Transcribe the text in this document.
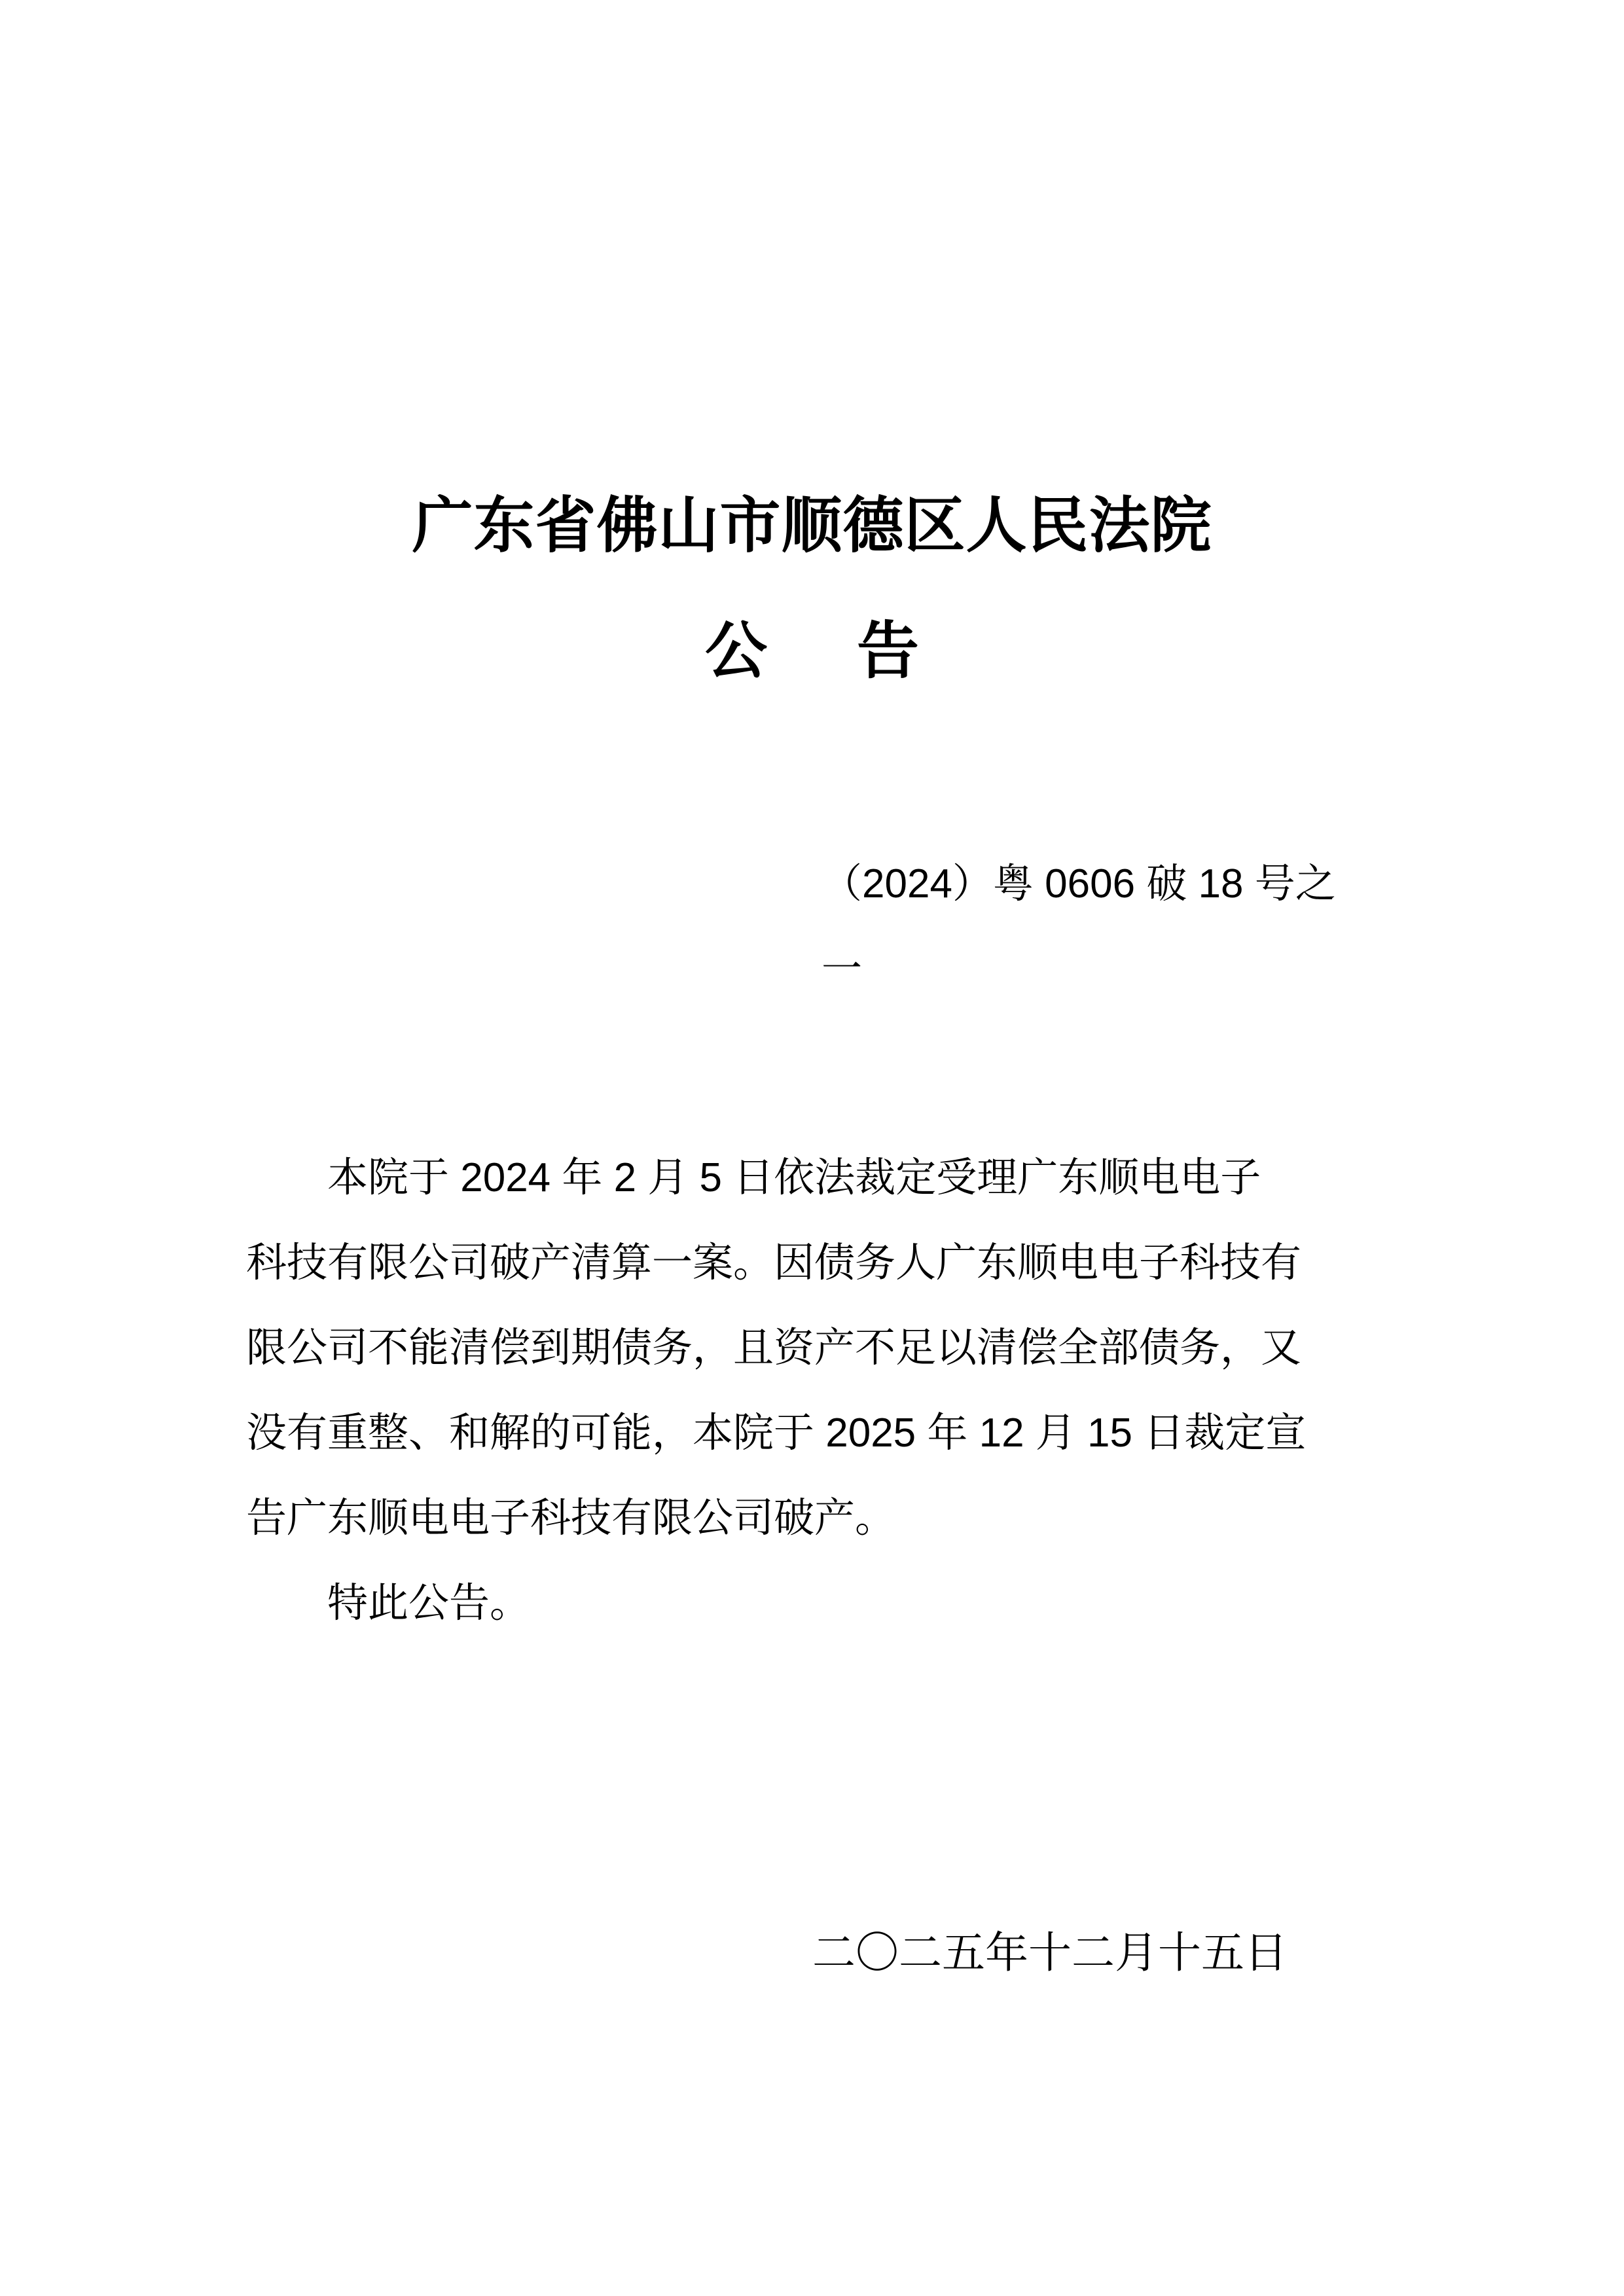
广东省佛山市顺德区人民法院
公 告
（2024）粤 0606 破 18 号之
一
本院于 2024 年 2 月 5 日依法裁定受理广东顺电电子
科技有限公司破产清算一案。因债务人广东顺电电子科技有
限公司不能清偿到期债务，且资产不足以清偿全部债务，又
没有重整、和解的可能，本院于 2025 年 12 月 15 日裁定宣
告广东顺电电子科技有限公司破产。
特此公告。
二〇二五年十二月十五日
